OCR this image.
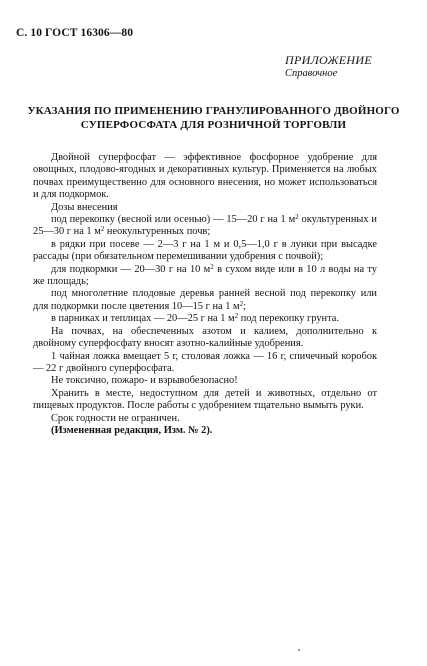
С. 10 ГОСТ 16306—80
ПРИЛОЖЕНИЕ
Справочное
УКАЗАНИЯ ПО ПРИМЕНЕНИЮ ГРАНУЛИРОВАННОГО ДВОЙНОГО
СУПЕРФОСФАТА ДЛЯ РОЗНИЧНОЙ ТОРГОВЛИ

Двойной суперфосфат — эффективное фосфорное удобрение для овощных, плодово-ягодных и декоративных культур. Применяется на любых почвах преимущественно для основного внесения, но может использоваться и для подкормок.

Дозы внесения

под перекопку (весной или осенью) — 15—20 г на 1 $м^2$ окультуренных и 25—30 г на 1 $м^2$ неокультуренных почв;

в рядки при посеве — 2—3 г на 1 м и 0,5—1,0 г в лунки при высадке рассады (при обязательном перемешивании удобрения с почвой);

для подкормки — 20—30 г на 10 $м^2$ в сухом виде или в 10 л воды на ту же площадь;

под многолетние плодовые деревья ранней весной под перекопку или для подкормки после цветения 10—15 г на 1 $м^2$;

в парниках и теплицах — 20—25 г на 1 $м^2$ под перекопку грунта.

На почвах, на обеспеченных азотом и калием, дополнительно к двойному суперфосфату вносят азотно-калийные удобрения.

1 чайная ложка вмещает 5 г, столовая ложка — 16 г, спичечный коробок — 22 г двойного суперфосфата.

Не токсично, пожаро- и взрывобезопасно!

Хранить в месте, недоступном для детей и животных, отдельно от пищевых продуктов. После работы с удобрением тщательно вымыть руки.

Срок годности не ограничен.

(Измененная редакция, Изм. № 2).
